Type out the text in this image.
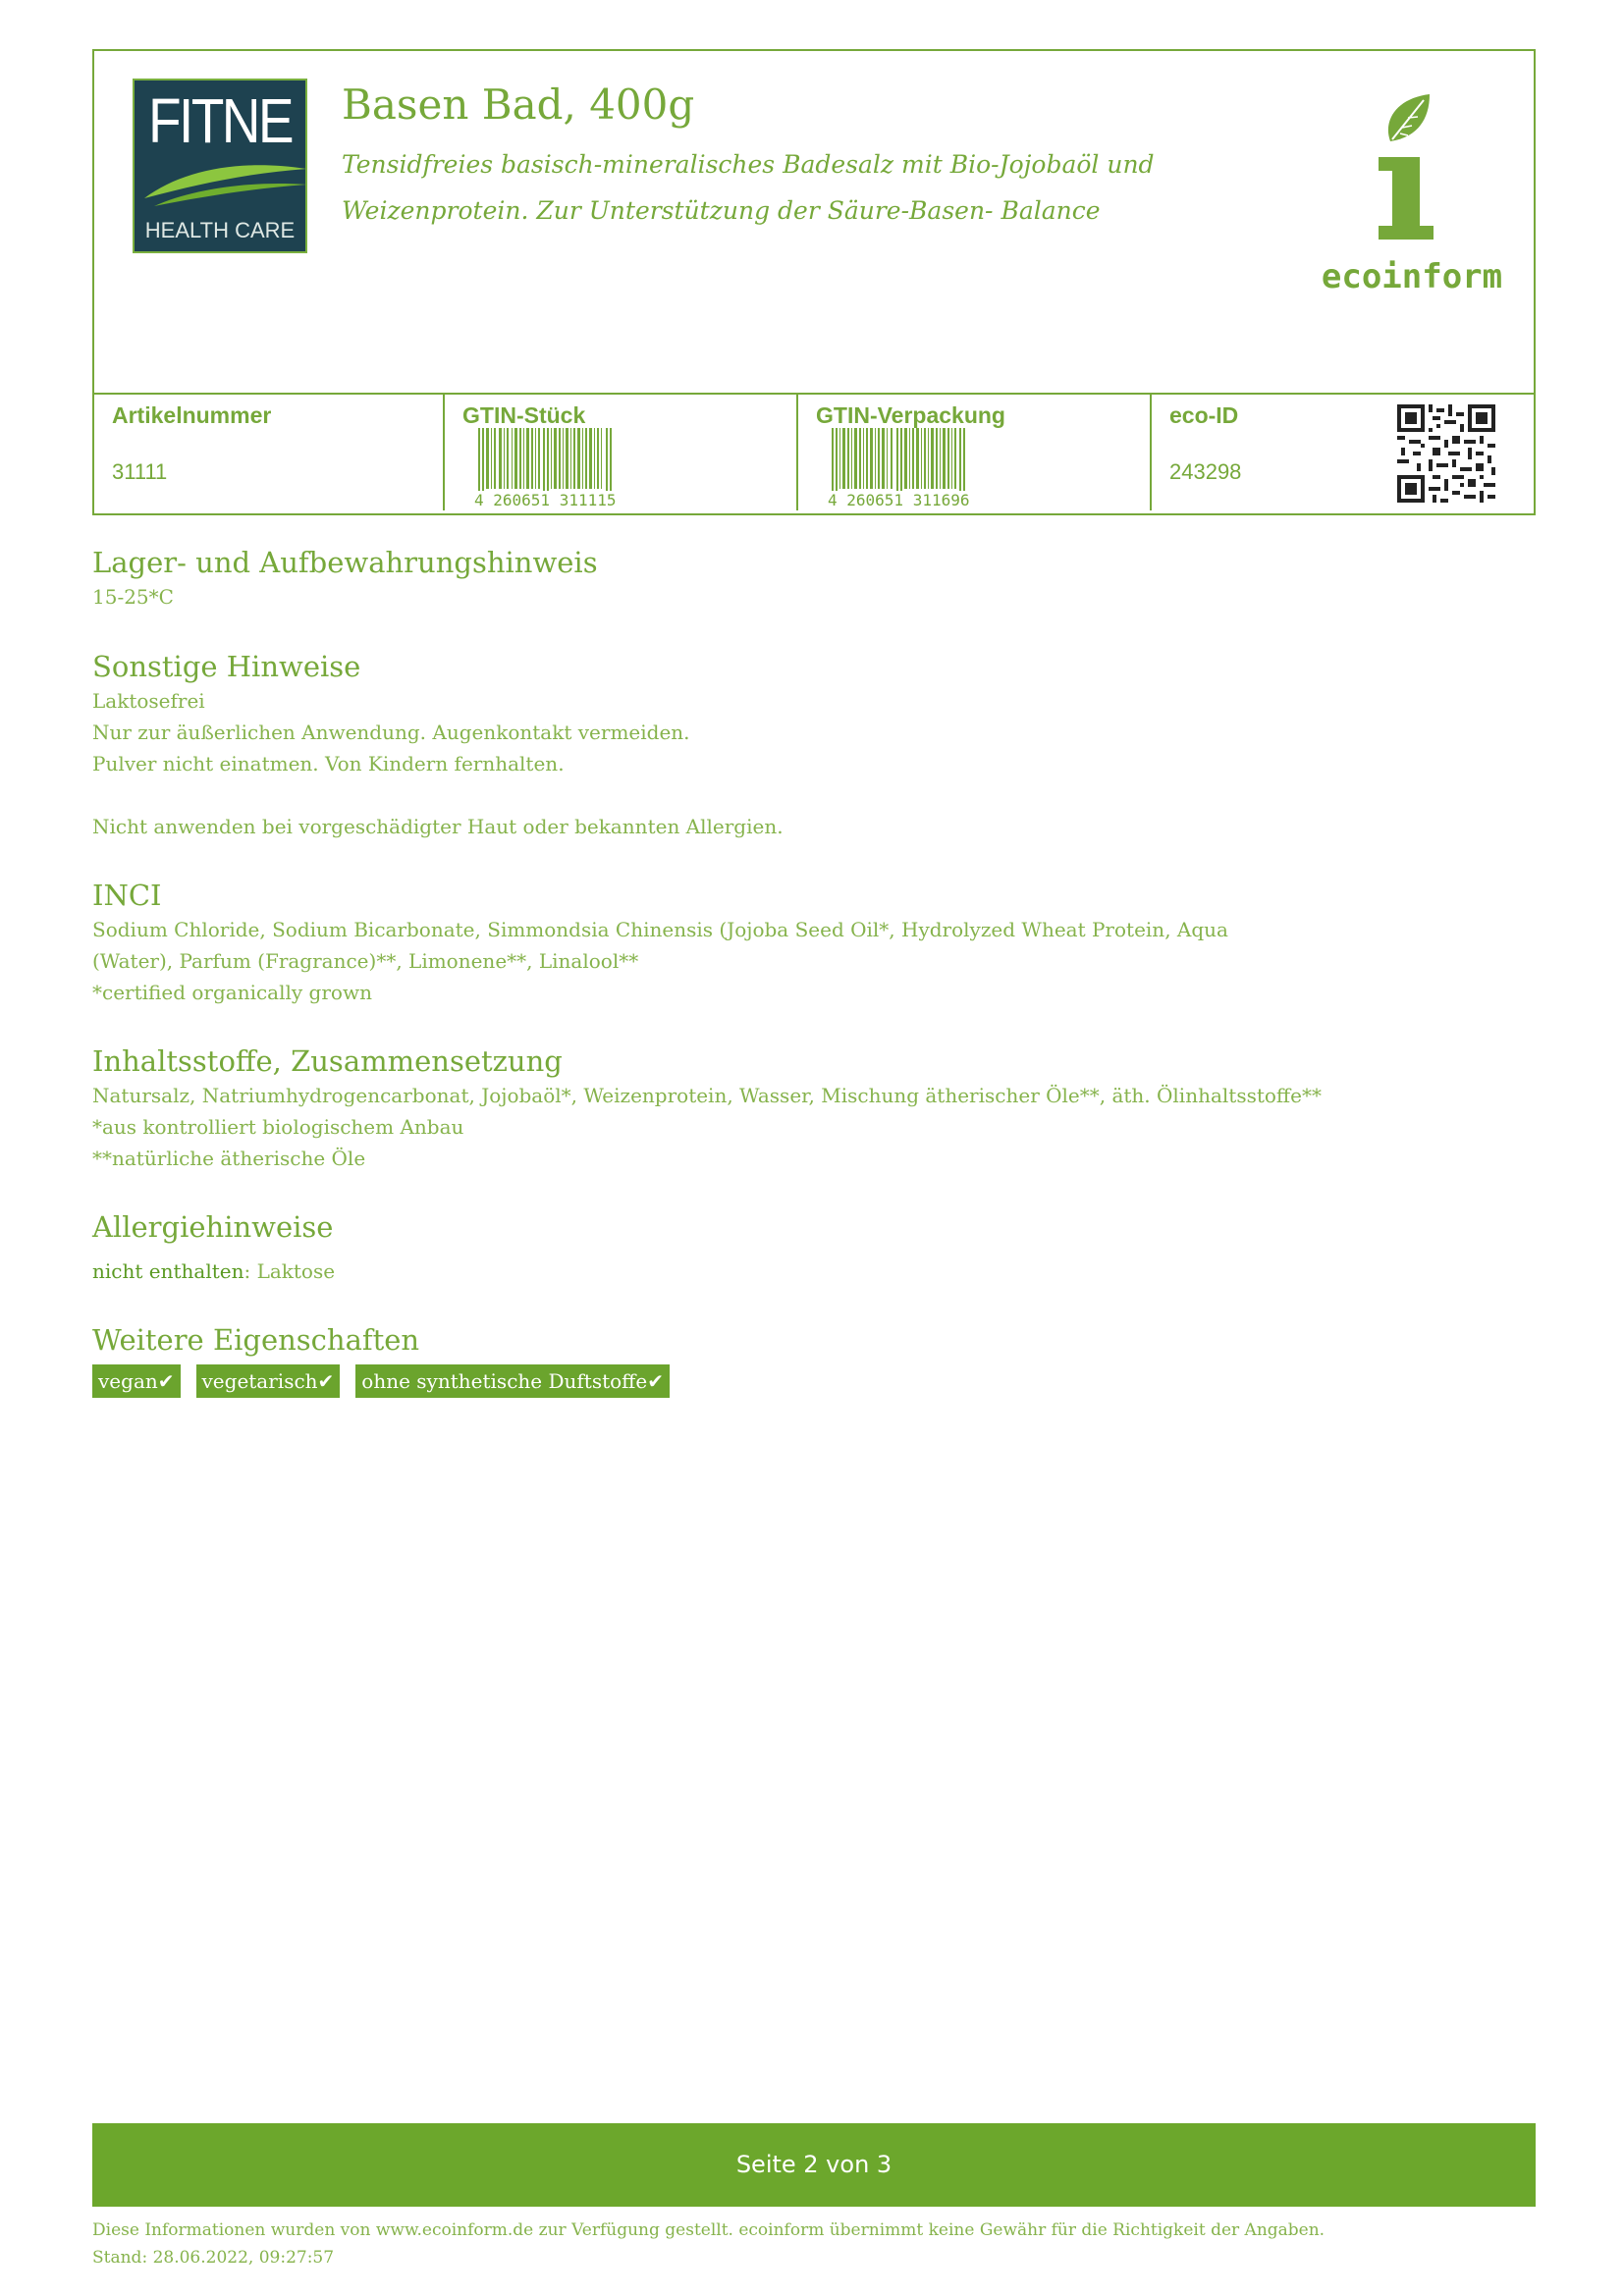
FITNE
HEALTH CARE
Basen Bad, 400g
Tensidfreies basisch-mineralisches Badesalz mit Bio-Jojobaöl und
Weizenprotein. Zur Unterstützung der Säure-Basen- Balance
ecoinform
Artikelnummer
31111
GTIN-Stück
4 260651 311115
GTIN-Verpackung
4 260651 311696
eco-ID
243298
Lager- und Aufbewahrungshinweis

15-25*C

Sonstige Hinweise

Laktosefrei

Nur zur äußerlichen Anwendung. Augenkontakt vermeiden.

Pulver nicht einatmen. Von Kindern fernhalten.

Nicht anwenden bei vorgeschädigter Haut oder bekannten Allergien.

INCI

Sodium Chloride, Sodium Bicarbonate, Simmondsia Chinensis (Jojoba Seed Oil*, Hydrolyzed Wheat Protein, Aqua

(Water), Parfum (Fragrance)**, Limonene**, Linalool**

*certified organically grown

Inhaltsstoffe, Zusammensetzung

Natursalz, Natriumhydrogencarbonat, Jojobaöl*, Weizenprotein, Wasser, Mischung ätherischer Öle**, äth. Ölinhaltsstoffe**

*aus kontrolliert biologischem Anbau

**natürliche ätherische Öle

Allergiehinweise

nicht enthalten: Laktose

Weitere Eigenschaften
vegan✔	vegetarisch✔	ohne synthetische Duftstoffe✔
Seite 2 von 3
Diese Informationen wurden von www.ecoinform.de zur Verfügung gestellt. ecoinform übernimmt keine Gewähr für die Richtigkeit der Angaben.
Stand: 28.06.2022, 09:27:57
